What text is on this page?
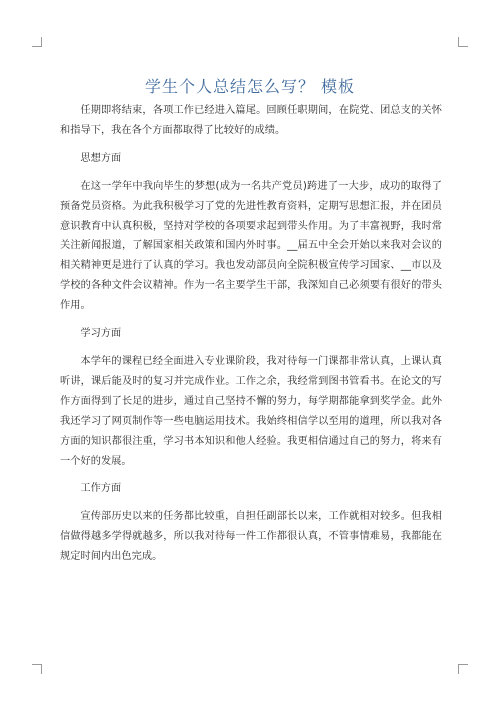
学生个人总结怎么写？ 模板

任期即将结束，各项工作已经进入篇尾。回顾任职期间，在院党、团总支的关怀和指导下，我在各个方面都取得了比较好的成绩。

思想方面

在这一学年中我向毕生的梦想(成为一名共产党员)跨进了一大步，成功的取得了预备党员资格。为此我积极学习了党的先进性教育资料，定期写思想汇报，并在团员意识教育中认真积极，坚持对学校的各项要求起到带头作用。为了丰富视野，我时常关注新闻报道，了解国家相关政策和国内外时事。__届五中全会开始以来我对会议的相关精神更是进行了认真的学习。我也发动部员向全院积极宣传学习国家、__市以及学校的各种文件会议精神。作为一名主要学生干部，我深知自己必须要有很好的带头作用。

学习方面

本学年的课程已经全面进入专业课阶段，我对待每一门课都非常认真，上课认真听讲，课后能及时的复习并完成作业。工作之余，我经常到图书管看书。在论文的写作方面得到了长足的进步，通过自己坚持不懈的努力，每学期都能拿到奖学金。此外我还学习了网页制作等一些电脑运用技术。我始终相信学以至用的道理，所以我对各方面的知识都很注重，学习书本知识和他人经验。我更相信通过自己的努力，将来有一个好的发展。

工作方面

宣传部历史以来的任务都比较重，自担任副部长以来，工作就相对较多。但我相信做得越多学得就越多，所以我对待每一件工作都很认真，不管事情难易，我都能在规定时间内出色完成。
